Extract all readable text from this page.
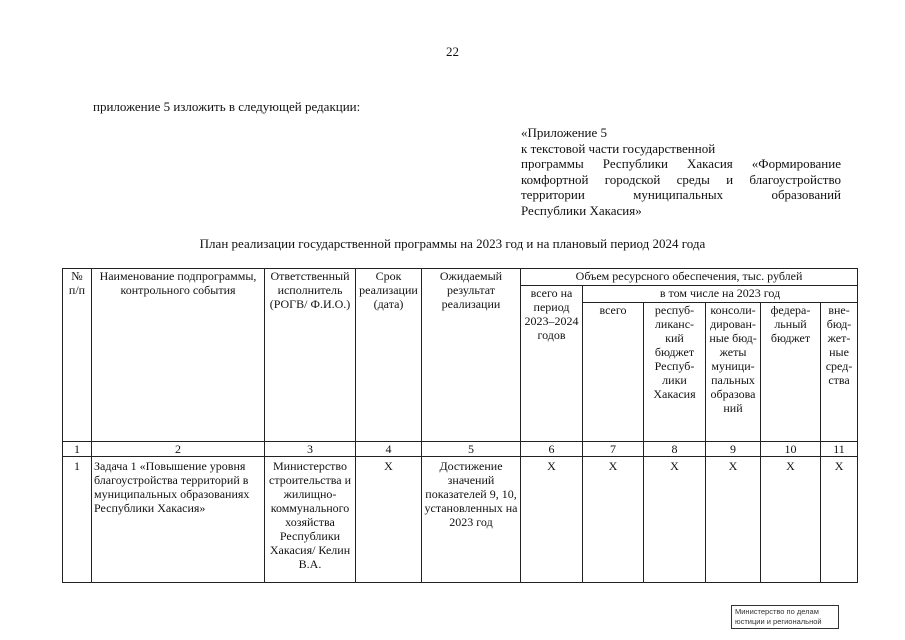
22
приложение 5 изложить в следующей редакции:
«Приложение 5
к текстовой части государственной
программы Республики Хакасия «Формирование
комфортной городской среды и благоустройство
территории муниципальных образований
Республики Хакасия»
План реализации государственной программы на 2023 год и на плановый период 2024 года
№ п/п	Наименование подпрограммы, контрольного события	Ответственный исполнитель (РОГВ/ Ф.И.О.)	Срок реализации (дата)	Ожидаемый результат реализации	Объем ресурсного обеспечения, тыс. рублей					
					всего на период 2023–2024 годов	в том числе на 2023 год				
						всего	респуб-ликанс-кий бюджет Респуб-лики Хакасия	консоли-дирован-ные бюд-жеты муници-пальных образова ний	федера-льный бюджет	вне-бюд-жет-ные сред-ства
1	2	3	4	5	6	7	8	9	10	11
1	Задача 1 «Повышение уровня благоустройства территорий в муниципальных образованиях Республики Хакасия»	Министерство строительства и жилищно-коммунального хозяйства Республики Хакасия/ Келин В.А.	Х	Достижение значений показателей 9, 10, установленных на 2023 год	Х	Х	Х	Х	Х	Х
Министерство по делам
юстиции и региональной
